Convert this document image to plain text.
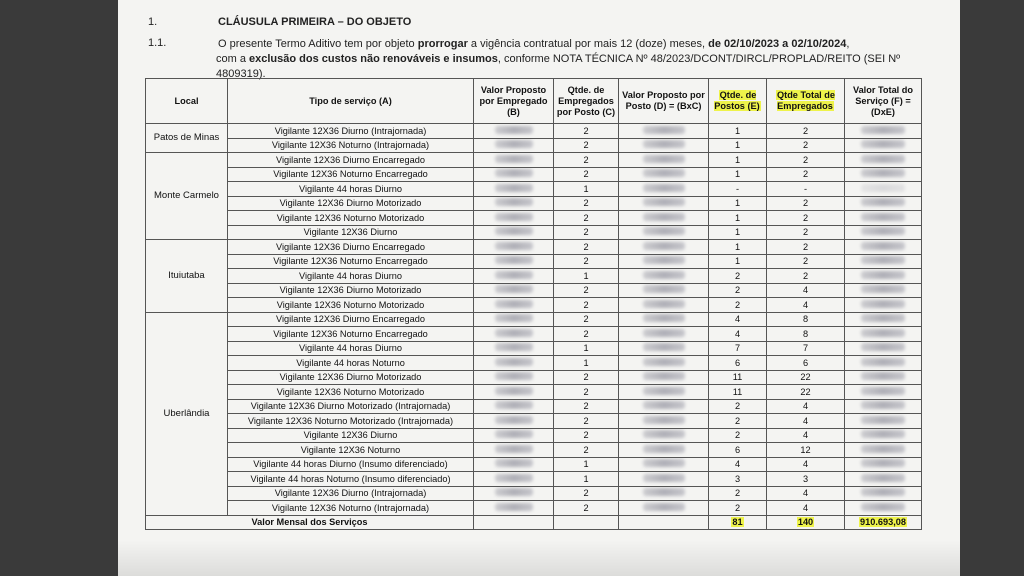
1.	CLÁUSULA PRIMEIRA – DO OBJETO
1.1.	O presente Termo Aditivo tem por objeto prorrogar a vigência contratual por mais 12 (doze) meses, de 02/10/2023 a 02/10/2024,
com a exclusão dos custos não renováveis e insumos, conforme NOTA TÉCNICA Nº 48/2023/DCONT/DIRCL/PROPLAD/REITO (SEI Nº 4809319).
Local	Tipo de serviço (A)	Valor Proposto por Empregado (B)	Qtde. de Empregados por Posto (C)	Valor Proposto por Posto (D) = (BxC)	Qtde. de Postos (E)	Qtde Total de Empregados	Valor Total do Serviço (F) = (DxE)
Patos de Minas	Vigilante 12X36 Diurno (Intrajornada)		2		1	2	
	Vigilante 12X36 Noturno (Intrajornada)		2		1	2	
Monte Carmelo	Vigilante 12X36 Diurno Encarregado		2		1	2	
	Vigilante 12X36 Noturno Encarregado		2		1	2	
	Vigilante 44 horas Diurno		1		-	-	
	Vigilante 12X36 Diurno Motorizado		2		1	2	
	Vigilante 12X36 Noturno Motorizado		2		1	2	
	Vigilante 12X36 Diurno		2		1	2	
Ituiutaba	Vigilante 12X36 Diurno Encarregado		2		1	2	
	Vigilante 12X36 Noturno Encarregado		2		1	2	
	Vigilante 44 horas Diurno		1		2	2	
	Vigilante 12X36 Diurno Motorizado		2		2	4	
	Vigilante 12X36 Noturno Motorizado		2		2	4	
Uberlândia	Vigilante 12X36 Diurno Encarregado		2		4	8	
	Vigilante 12X36 Noturno Encarregado		2		4	8	
	Vigilante 44 horas Diurno		1		7	7	
	Vigilante 44 horas Noturno		1		6	6	
	Vigilante 12X36 Diurno Motorizado		2		11	22	
	Vigilante 12X36 Noturno Motorizado		2		11	22	
	Vigilante 12X36 Diurno Motorizado (Intrajornada)		2		2	4	
	Vigilante 12X36 Noturno Motorizado (Intrajornada)		2		2	4	
	Vigilante 12X36 Diurno		2		2	4	
	Vigilante 12X36 Noturno		2		6	12	
	Vigilante 44 horas Diurno (Insumo diferenciado)		1		4	4	
	Vigilante 44 horas Noturno (Insumo diferenciado)		1		3	3	
	Vigilante 12X36 Diurno (Intrajornada)		2		2	4	
	Vigilante 12X36 Noturno (Intrajornada)		2		2	4	
Valor Mensal dos Serviços					81	140	910.693,08
